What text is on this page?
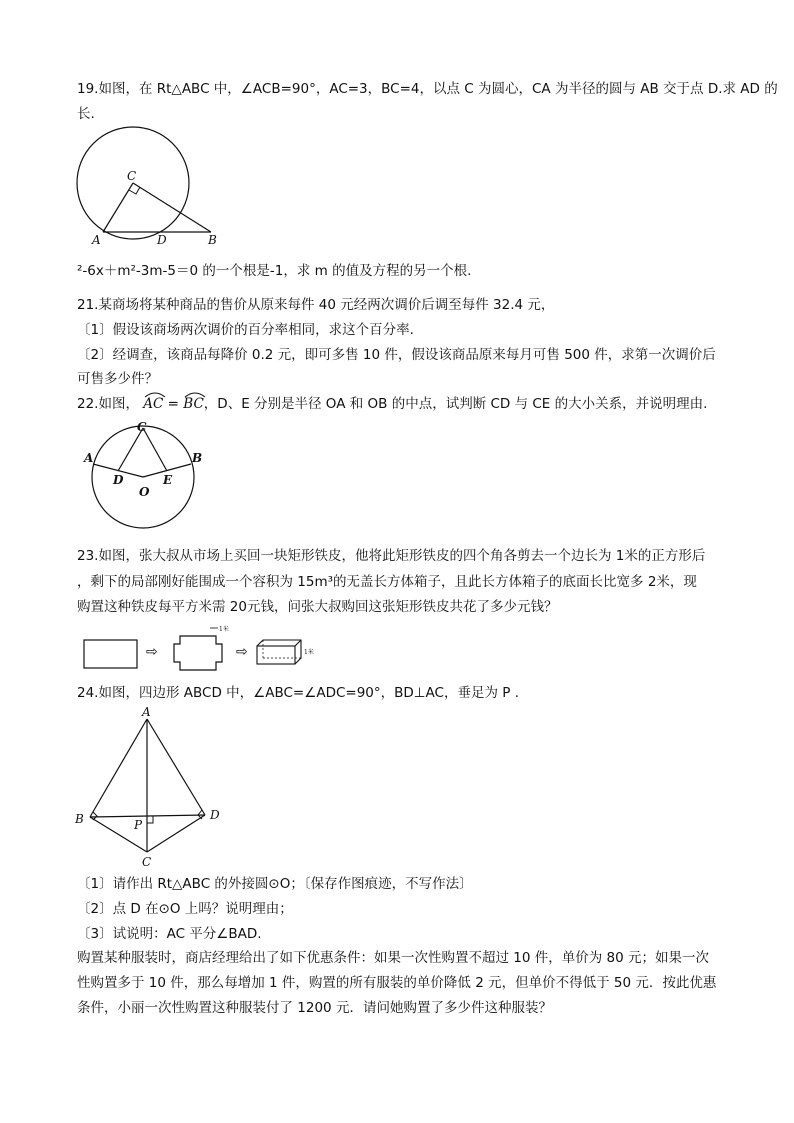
19.如图，在 Rt△ABC 中，∠ACB=90°，AC=3，BC=4，以点 C 为圆心，CA 为半径的圆与 AB 交于点 D.求 AD 的
长.
C
A	D	B
²-6x＋m²-3m-5＝0 的一个根是-1，求 m 的值及方程的另一个根.
21.某商场将某种商品的售价从原来每件 40 元经两次调价后调至每件 32.4 元，
〔1〕假设该商场两次调价的百分率相同，求这个百分率.
〔2〕经调查，该商品每降价 0.2 元，即可多售 10 件，假设该商品原来每月可售 500 件，求第一次调价后
可售多少件？
22.如图， AC =
BC，D、E 分别是半径 OA 和 OB 的中点，试判断 CD 与 CE 的大小关系，并说明理由.
C
A	B
D
O
E
23.如图，张大叔从市场上买回一块矩形铁皮，他将此矩形铁皮的四个角各剪去一个边长为 1米的正方形后
，剩下的局部刚好能围成一个容积为 15m³的无盖长方体箱子，且此长方体箱子的底面长比宽多 2米，现
购置这种铁皮每平方米需 20元钱，问张大叔购回这张矩形铁皮共花了多少元钱？
1米
1米
⇨	⇨
24.如图，四边形 ABCD 中，∠ABC=∠ADC=90°，BD⊥AC，垂足为 P .
A
B	P
D
C
〔1〕请作出 Rt△ABC 的外接圆⊙O；〔保存作图痕迹，不写作法〕
〔2〕点 D 在⊙O 上吗？说明理由；
〔3〕试说明：AC 平分∠BAD.
购置某种服装时，商店经理给出了如下优惠条件：如果一次性购置不超过 10 件，单价为 80 元；如果一次
性购置多于 10 件，那么每增加 1 件，购置的所有服装的单价降低 2 元，但单价不得低于 50 元．按此优惠
条件，小丽一次性购置这种服装付了 1200 元．请问她购置了多少件这种服装？
